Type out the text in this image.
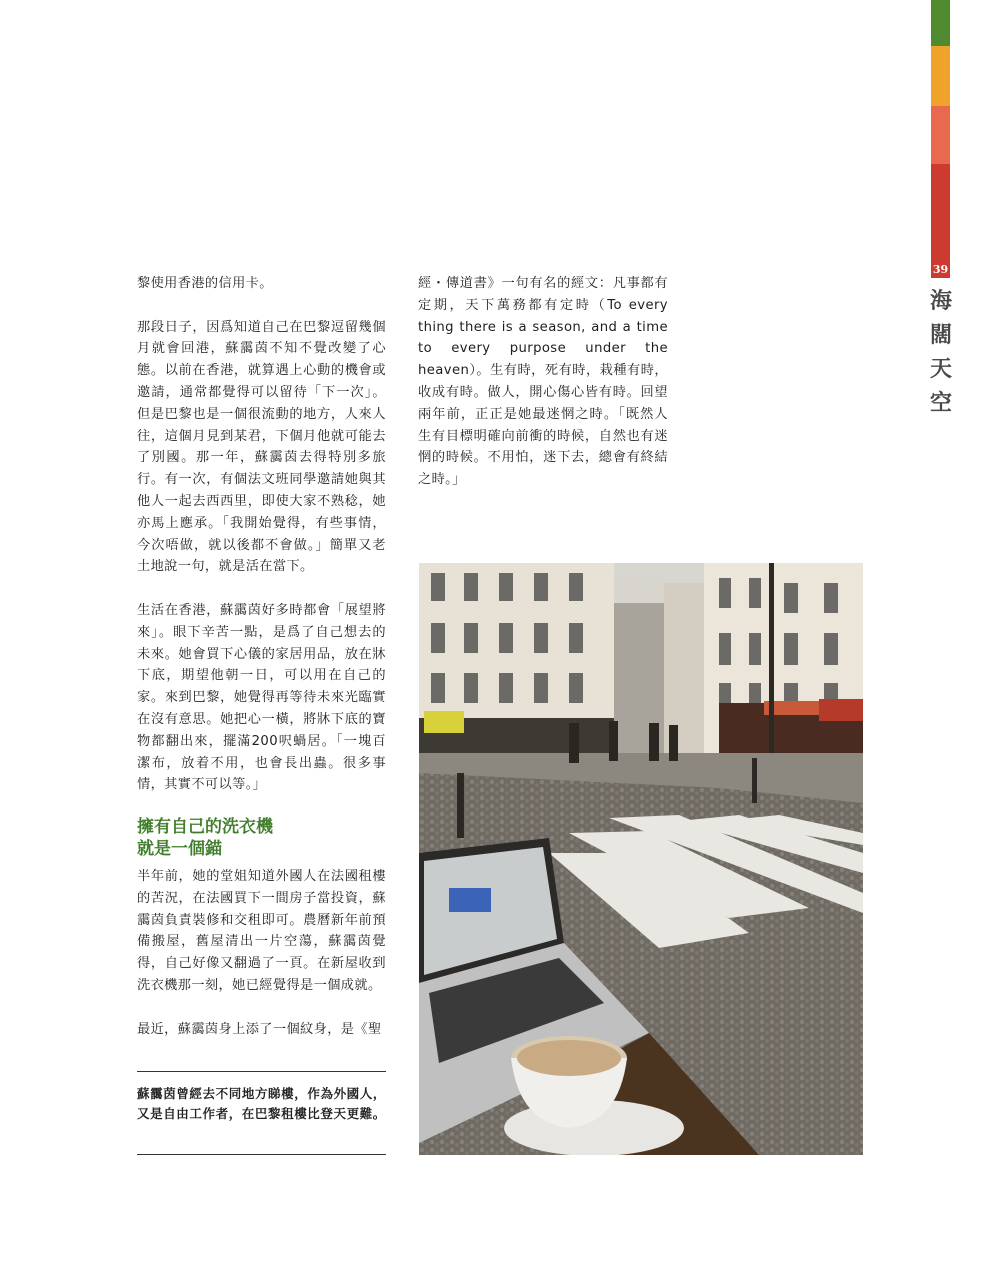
39
海
闊
天
空

黎使用香港的信用卡。

那段日子，因爲知道自己在巴黎逗留幾個月就會回港，蘇靄茵不知不覺改變了心態。以前在香港，就算遇上心動的機會或邀請，通常都覺得可以留待「下一次」。但是巴黎也是一個很流動的地方，人來人往，這個月見到某君，下個月他就可能去了別國。那一年，蘇靄茵去得特別多旅行。有一次，有個法文班同學邀請她與其他人一起去西西里，即使大家不熟稔，她亦馬上應承。「我開始覺得，有些事情，今次唔做，就以後都不會做。」簡單又老土地說一句，就是活在當下。

生活在香港，蘇靄茵好多時都會「展望將來」。眼下辛苦一點，是爲了自己想去的未來。她會買下心儀的家居用品，放在牀下底，期望他朝一日，可以用在自己的家。來到巴黎，她覺得再等待未來光臨實在沒有意思。她把心一橫，將牀下底的寶物都翻出來，擺滿200呎蝸居。「一塊百潔布，放着不用，也會長出蟲。很多事情，其實不可以等。」

擁有自己的洗衣機
就是一個錨

半年前，她的堂姐知道外國人在法國租樓的苦況，在法國買下一間房子當投資，蘇靄茵負責裝修和交租即可。農曆新年前預備搬屋，舊屋清出一片空蕩，蘇靄茵覺得，自己好像又翻過了一頁。在新屋收到洗衣機那一刻，她已經覺得是一個成就。

最近，蘇靄茵身上添了一個紋身，是《聖

蘇靄茵曾經去不同地方睇樓，作為外國人，又是自由工作者，在巴黎租樓比登天更難。

經・傳道書》一句有名的經文：凡事都有定期，天下萬務都有定時（To every thing there is a season, and a time to every purpose under the heaven）。生有時，死有時，栽種有時，收成有時。做人，開心傷心皆有時。回望兩年前，正正是她最迷惘之時。「既然人生有目標明確向前衝的時候，自然也有迷惘的時候。不用怕，迷下去，總會有終結之時。」
